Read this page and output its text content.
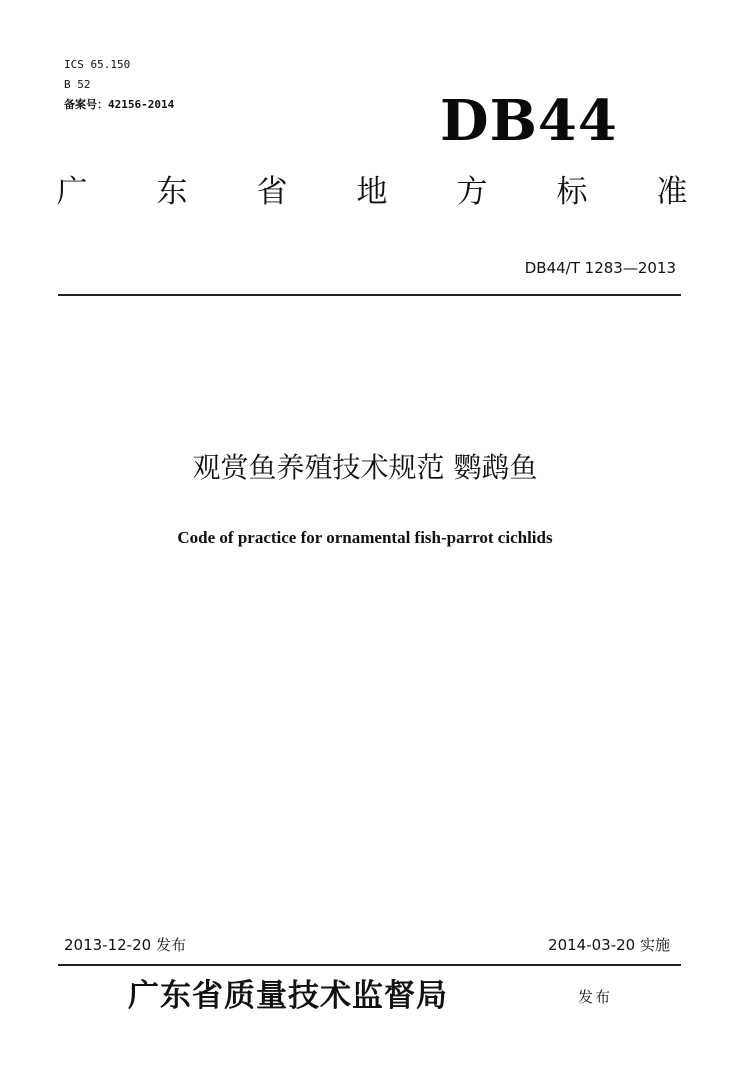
ICS 65.150
B 52
备案号：42156-2014	DB44
广 东 省 地 方 标 准
DB44/T 1283—2013
观赏鱼养殖技术规范 鹦鹉鱼
Code of practice for ornamental fish-parrot cichlids
2013-12-20 发布	2014-03-20 实施
广东省质量技术监督局	发布
